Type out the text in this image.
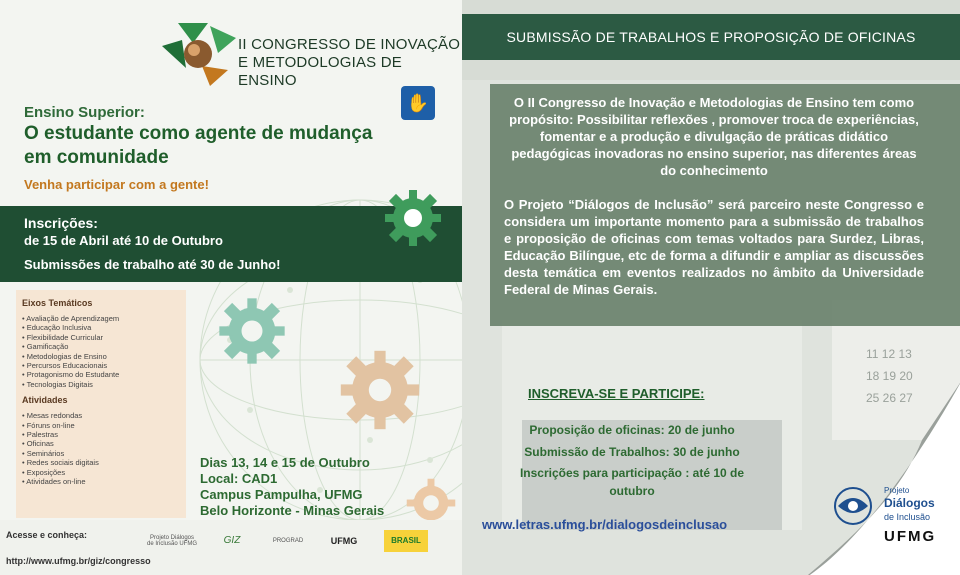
II CONGRESSO DE INOVAÇÃO
E METODOLOGIAS DE ENSINO
✋
Ensino Superior:
O estudante como agente de mudança em comunidade
Venha participar com a gente!
Inscrições:
de 15 de Abril até 10 de Outubro
Submissões de trabalho até 30 de Junho!
Eixos Temáticos
• Avaliação de Aprendizagem
• Educação Inclusiva
• Flexibilidade Curricular
• Gamificação
• Metodologias de Ensino
• Percursos Educacionais
• Protagonismo do Estudante
• Tecnologias Digitais
Atividades
• Mesas redondas
• Fóruns on-line
• Palestras
• Oficinas
• Seminários
• Redes sociais digitais
• Exposições
• Atividades on-line
Dias 13, 14 e 15 de Outubro
Local: CAD1
Campus Pampulha, UFMG
Belo Horizonte - Minas Gerais
Acesse e conheça:
http://www.ufmg.br/giz/congresso
Projeto Diálogos de Inclusão UFMG	GIZ	PROGRAD	UFMG	BRASIL
11 12 13
18 19 20
25 26 27
SUBMISSÃO DE TRABALHOS E PROPOSIÇÃO DE OFICINAS
O II Congresso de Inovação e Metodologias de Ensino tem como propósito: Possibilitar reflexões , promover troca de experiências, fomentar e a produção e divulgação de práticas didático pedagógicas inovadoras no ensino superior, nas diferentes áreas do conhecimento
O Projeto “Diálogos de Inclusão” será parceiro neste Congresso e considera um importante momento para a submissão de trabalhos e proposição de oficinas com temas voltados para Surdez, Libras, Educação Bilíngue, etc de forma a difundir e ampliar as discussões desta temática em eventos realizados no âmbito da Universidade Federal de Minas Gerais.
INSCREVA-SE E PARTICIPE:
Proposição de oficinas: 20 de junho
Submissão de Trabalhos: 30 de junho
Inscrições para participação : até 10 de
outubro
www.letras.ufmg.br/dialogosdeinclusao
Projeto
Diálogos
de Inclusão
UFMG
